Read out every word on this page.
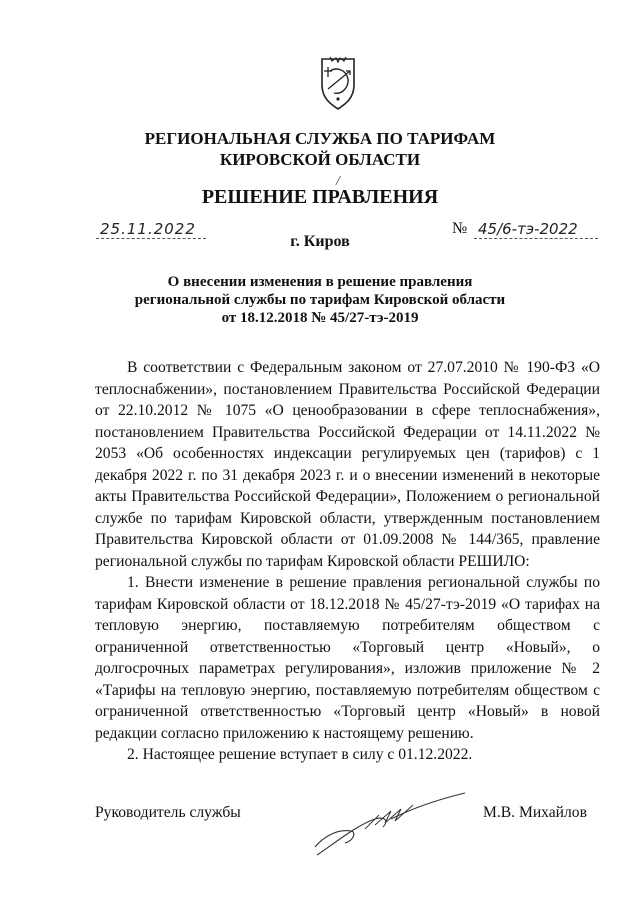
РЕГИОНАЛЬНАЯ СЛУЖБА ПО ТАРИФАМ
КИРОВСКОЙ ОБЛАСТИ
/
РЕШЕНИЕ ПРАВЛЕНИЯ
25.11.2022	№ 45/6-тэ-2022
г. Киров
О внесении изменения в решение правления
региональной службы по тарифам Кировской области
от 18.12.2018 № 45/27-тэ-2019

В соответствии с Федеральным законом от 27.07.2010 № 190-ФЗ «О теплоснабжении», постановлением Правительства Российской Федерации от 22.10.2012 № 1075 «О ценообразовании в сфере теплоснабжения», постановлением Правительства Российской Федерации от 14.11.2022 № 2053 «Об особенностях индексации регулируемых цен (тарифов) с 1 декабря 2022 г. по 31 декабря 2023 г. и о внесении изменений в некоторые акты Правительства Российской Федерации», Положением о региональной службе по тарифам Кировской области, утвержденным постановлением Правительства Кировской области от 01.09.2008 № 144/365, правление региональной службы по тарифам Кировской области РЕШИЛО:

1. Внести изменение в решение правления региональной службы по тарифам Кировской области от 18.12.2018 № 45/27-тэ-2019 «О тарифах на тепловую энергию, поставляемую потребителям обществом с ограниченной ответственностью «Торговый центр «Новый», о долгосрочных параметрах регулирования», изложив приложение № 2 «Тарифы на тепловую энергию, поставляемую потребителям обществом с ограниченной ответственностью «Торговый центр «Новый» в новой редакции согласно приложению к настоящему решению.

2. Настоящее решение вступает в силу с 01.12.2022.

Руководитель службы	М.В. Михайлов
